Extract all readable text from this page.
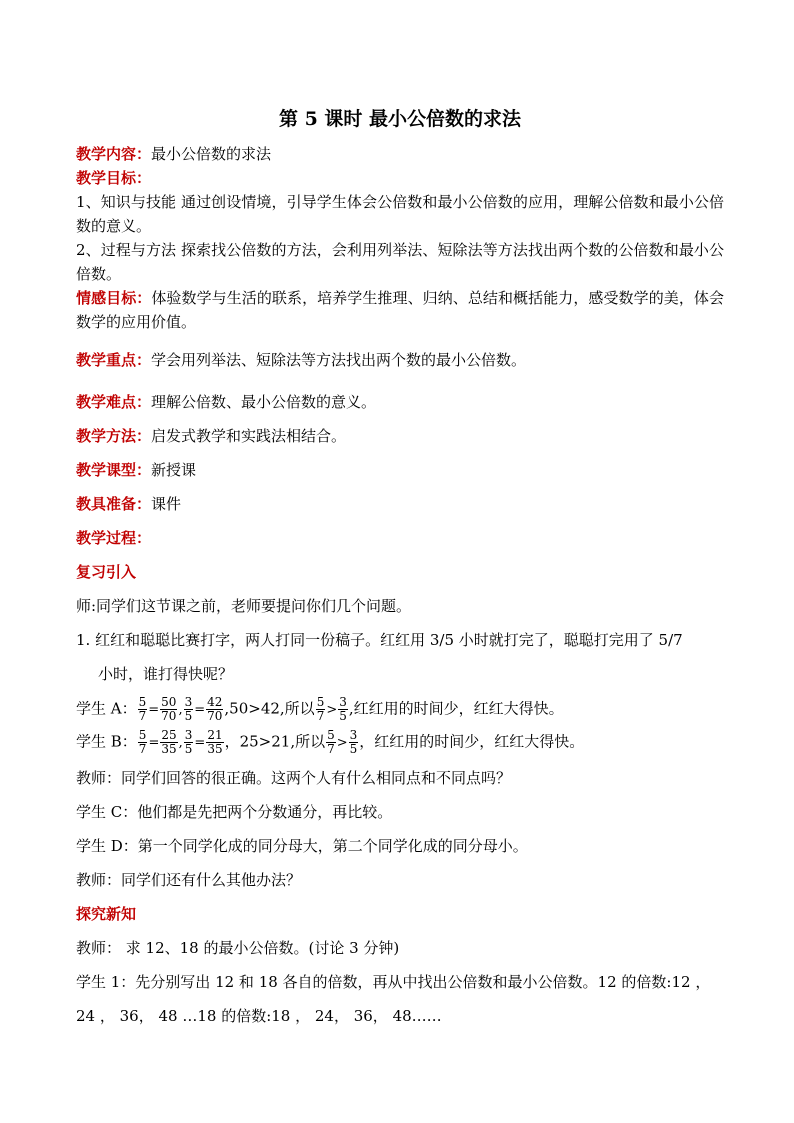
第 5 课时 最小公倍数的求法

教学内容：最小公倍数的求法

教学目标：

1、知识与技能 通过创设情境，引导学生体会公倍数和最小公倍数的应用，理解公倍数和最小公倍数的意义。

2、过程与方法 探索找公倍数的方法，会利用列举法、短除法等方法找出两个数的公倍数和最小公倍数。

情感目标：体验数学与生活的联系，培养学生推理、归纳、总结和概括能力，感受数学的美，体会数学的应用价值。

教学重点：学会用列举法、短除法等方法找出两个数的最小公倍数。

教学难点：理解公倍数、最小公倍数的意义。

教学方法：启发式教学和实践法相结合。

教学课型：新授课

教具准备：课件

教学过程：

复习引入

师:同学们这节课之前，老师要提问你们几个问题。

1. 红红和聪聪比赛打字，两人打同一份稿子。红红用 3/5 小时就打完了，聪聪打完用了 5/7

小时，谁打得快呢？

学生 A： $\frac{5}{7} = \frac{50}{70}$ , $\frac{3}{5} = \frac{42}{70} ,50>42$,所以 $\frac{5}{7} > \frac{3}{5}$ ,红红用的时间少，红红大得快。

学生 B： $\frac{5}{7} = \frac{25}{35}$ , $\frac{3}{5} = \frac{21}{35}$ ，25>21,所以 $\frac{5}{7} > \frac{3}{5}$ ，红红用的时间少，红红大得快。

教师：同学们回答的很正确。这两个人有什么相同点和不同点吗？

学生 C：他们都是先把两个分数通分，再比较。

学生 D：第一个同学化成的同分母大，第二个同学化成的同分母小。

教师：同学们还有什么其他办法？

探究新知

教师： 求 12、18 的最小公倍数。(讨论 3 分钟)

学生 1：先分别写出 12 和 18 各自的倍数，再从中找出公倍数和最小公倍数。12 的倍数:12 ，

24 ， 36， 48 …18 的倍数:18 ， 24， 36， 48……
